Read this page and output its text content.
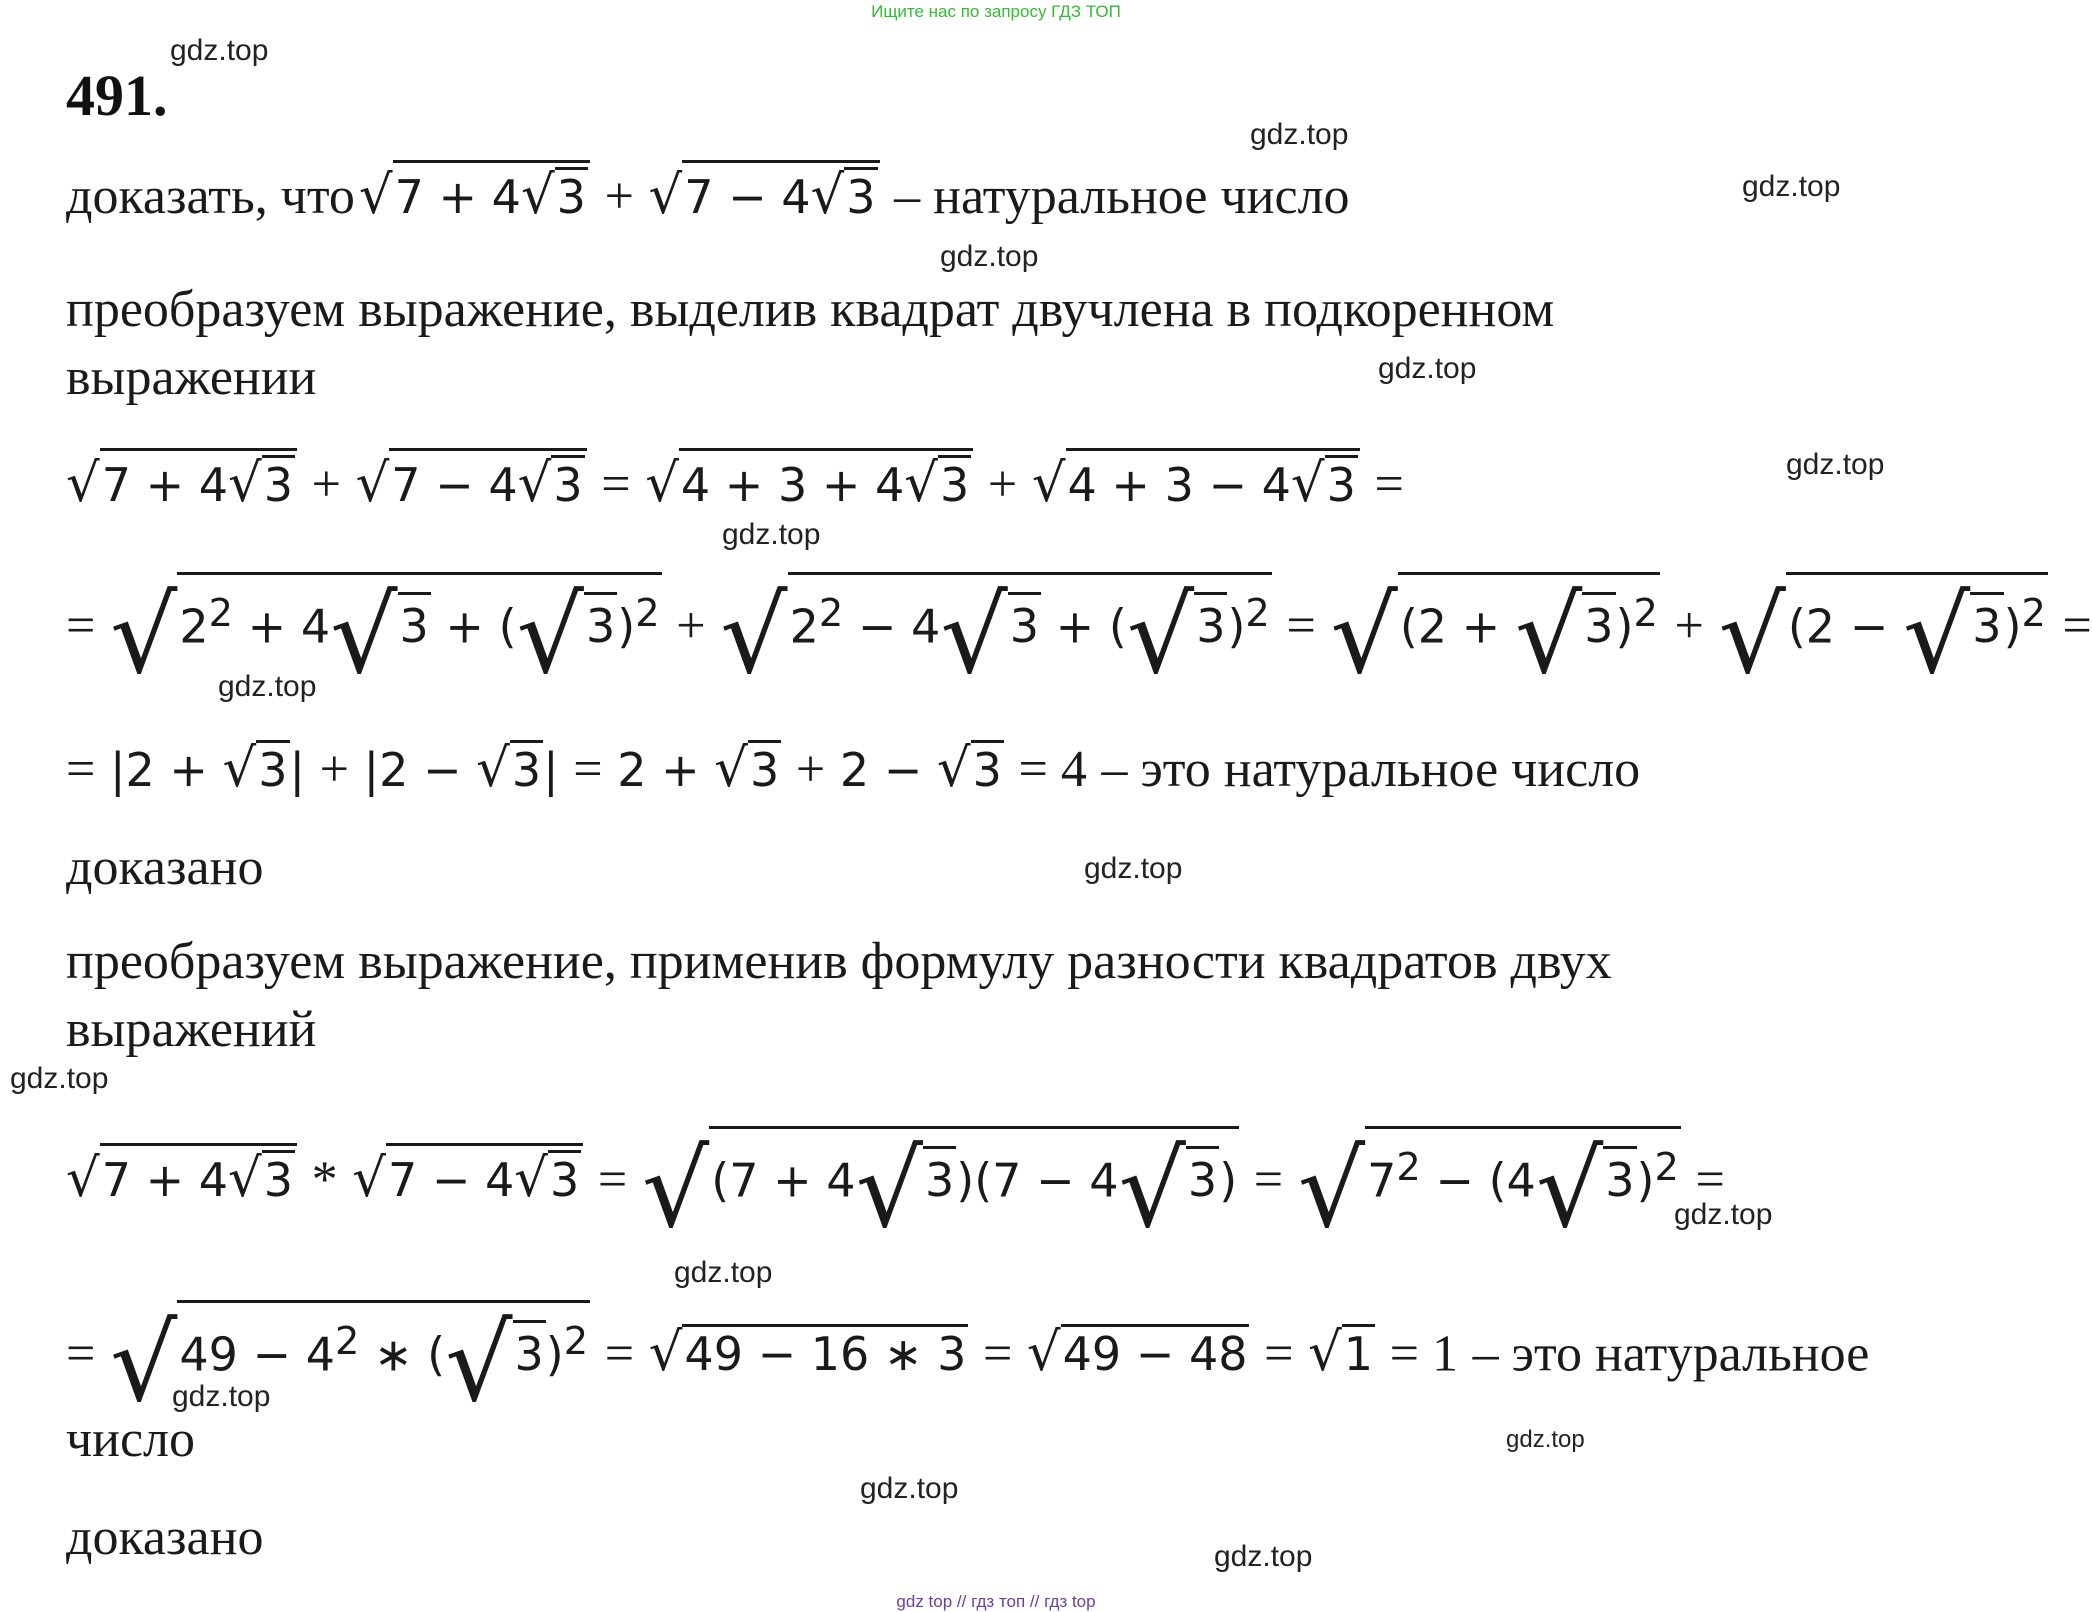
Ищите нас по запросу ГДЗ ТОП
491.
доказать, что √7 + 4√3 + √7 − 4√3 – натуральное число
преобразуем выражение, выделив квадрат двучлена в подкоренном
выражении
√7 + 4√3 + √7 − 4√3 = √4 + 3 + 4√3 + √4 + 3 − 4√3 =
= $√2^2 + 4√3 + (√3)^2 + √2^2 - 4√3 + (√3)^2 = √(2 + √3)^2 + √(2 - √3)^2$ =
= |2 + √3| + |2 − √3| = 2 + √3 + 2 − √3 = 4 – это натуральное число
доказано
преобразуем выражение, применив формулу разности квадратов двух
выражений
$√7 + 4√3 * √7 - 4√3 = √(7 + 4√3)(7 - 4√3) = √7^2 - (4√3)^2$ =
= $√49 - 4^2$ ∗ $(√3)^2 = √49 - 16$ ∗ 3 = √49 − 48 = √1 = 1 – это натуральное
число
доказано
gdz.top
gdz.top
gdz.top
gdz.top
gdz.top
gdz.top
gdz.top
gdz.top
gdz.top
gdz.top
gdz.top
gdz.top
gdz.top
gdz.top
gdz.top
gdz.top
gdz top // гдз топ // гдз top
